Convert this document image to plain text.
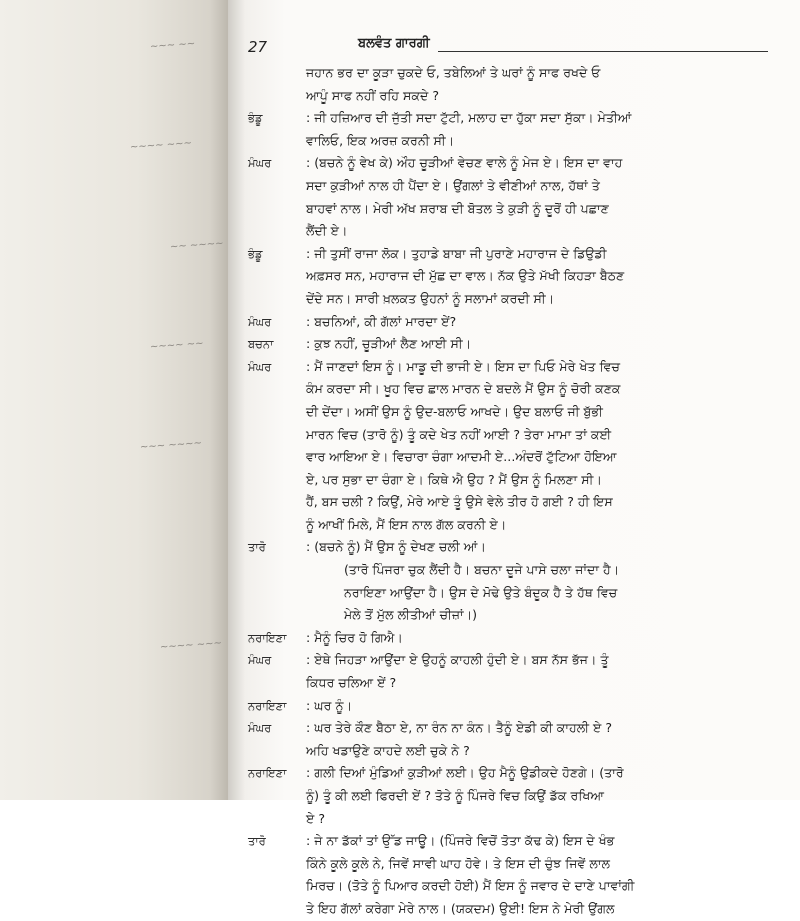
~~~ ~~
~~~~ ~~~
~~ ~~~~
~~~~ ~~
~~~ ~~~~
~~~~ ~~~
27	ਬਲਵੰਤ ਗਾਰਗੀ

ਜਹਾਨ ਭਰ ਦਾ ਕੂੜਾ ਚੁਕਦੇ ਓ, ਤਬੇਲਿਆਂ ਤੇ ਘਰਾਂ ਨੂੰ ਸਾਫ ਰਖਦੇ ਓ

ਆਪੂੰ ਸਾਫ ਨਹੀਂ ਰਹਿ ਸਕਦੇ ?

ਭੰਡੂ	: ਜੀ ਹਜ਼ਿਆਰ ਦੀ ਜੁੱਤੀ ਸਦਾ ਟੁੱਟੀ, ਮਲਾਹ ਦਾ ਹੁੱਕਾ ਸਦਾ ਸੁੱਕਾ। ਮੇਤੀਆਂ

ਵਾਲਿਓ, ਇਕ ਅਰਜ਼ ਕਰਨੀ ਸੀ।

ਮੰਘਰ	: (ਬਚਨੇ ਨੂੰ ਵੇਖ ਕੇ) ਔਹ ਚੂੜੀਆਂ ਵੇਚਣ ਵਾਲੇ ਨੂੰ ਮੇਜ ਏ। ਇਸ ਦਾ ਵਾਹ

ਸਦਾ ਕੁੜੀਆਂ ਨਾਲ ਹੀ ਪੈਂਦਾ ਏ। ਉਂਗਲਾਂ ਤੇ ਵੀਣੀਆਂ ਨਾਲ, ਹੱਥਾਂ ਤੇ

ਬਾਹਵਾਂ ਨਾਲ। ਮੇਰੀ ਅੱਖ ਸ਼ਰਾਬ ਦੀ ਬੋਤਲ ਤੇ ਕੁੜੀ ਨੂੰ ਦੂਰੋਂ ਹੀ ਪਛਾਣ

ਲੈਂਦੀ ਏ।

ਭੰਡੂ	: ਜੀ ਤੁਸੀਂ ਰਾਜਾ ਲੋਕ। ਤੁਹਾਡੇ ਬਾਬਾ ਜੀ ਪੁਰਾਣੇ ਮਹਾਰਾਜ ਦੇ ਡਿਉਡੀ

ਅਫ਼ਸਰ ਸਨ, ਮਹਾਰਾਜ ਦੀ ਮੁੱਛ ਦਾ ਵਾਲ। ਨੱਕ ਉਤੇ ਮੱਖੀ ਕਿਹੜਾ ਬੈਠਣ

ਦੇਂਦੇ ਸਨ। ਸਾਰੀ ਖ਼ਲਕਤ ਉਹਨਾਂ ਨੂੰ ਸਲਾਮਾਂ ਕਰਦੀ ਸੀ।

ਮੰਘਰ	: ਬਚਨਿਆਂ, ਕੀ ਗੱਲਾਂ ਮਾਰਦਾ ਏਂ?

ਬਚਨਾ	: ਕੁਝ ਨਹੀਂ, ਚੂੜੀਆਂ ਲੈਣ ਆਈ ਸੀ।

ਮੰਘਰ	: ਮੈਂ ਜਾਣਦਾਂ ਇਸ ਨੂੰ। ਮਾਡੂ ਦੀ ਭਾਜੀ ਏ। ਇਸ ਦਾ ਪਿਓ ਮੇਰੇ ਖੇਤ ਵਿਚ

ਕੰਮ ਕਰਦਾ ਸੀ। ਖੂਹ ਵਿਚ ਛਾਲ ਮਾਰਨ ਦੇ ਬਦਲੇ ਮੈਂ ਉਸ ਨੂੰ ਚੋਰੀ ਕਣਕ

ਦੀ ਦੇਂਦਾ। ਅਸੀਂ ਉਸ ਨੂੰ ਉਦ-ਬਲਾਓ ਆਖਦੇ। ਉਦ ਬਲਾਓ ਜੀ ਬੁੱਭੀ

ਮਾਰਨ ਵਿਚ (ਤਾਰੋ ਨੂੰ) ਤੂੰ ਕਦੇ ਖੇਤ ਨਹੀਂ ਆਈ ? ਤੇਰਾ ਮਾਮਾ ਤਾਂ ਕਈ

ਵਾਰ ਆਇਆ ਏ। ਵਿਚਾਰਾ ਚੰਗਾ ਆਦਮੀ ਏ...ਅੰਦਰੋਂ ਟੁੱਟਿਆ ਹੋਇਆ

ਏ, ਪਰ ਸੁਭਾ ਦਾ ਚੰਗਾ ਏ। ਕਿਥੇ ਐ ਉਹ ? ਮੈਂ ਉਸ ਨੂੰ ਮਿਲਣਾ ਸੀ।

ਹੈਂ, ਬਸ ਚਲੀ ? ਕਿਉਂ, ਮੇਰੇ ਆਏ ਤੂੰ ਉਸੇ ਵੇਲੇ ਤੀਰ ਹੋ ਗਈ ? ਹੀ ਇਸ

ਨੂੰ ਆਖੀਂ ਮਿਲੇ, ਮੈਂ ਇਸ ਨਾਲ ਗੱਲ ਕਰਨੀ ਏ।

ਤਾਰੋ	: (ਬਚਨੇ ਨੂੰ) ਮੈਂ ਉਸ ਨੂੰ ਦੇਖਣ ਚਲੀ ਆਂ।

(ਤਾਰੋ ਪਿੰਜਰਾ ਚੁਕ ਲੈਂਦੀ ਹੈ। ਬਚਨਾ ਦੂਜੇ ਪਾਸੇ ਚਲਾ ਜਾਂਦਾ ਹੈ।

ਨਰਾਇਣਾ ਆਉਂਦਾ ਹੈ। ਉਸ ਦੇ ਮੋਢੇ ਉਤੇ ਬੰਦੂਕ ਹੈ ਤੇ ਹੱਥ ਵਿਚ

ਮੇਲੇ ਤੋਂ ਮੁੱਲ ਲੀਤੀਆਂ ਚੀਜ਼ਾਂ।)

ਨਰਾਇਣਾ	: ਮੈਨੂੰ ਚਿਰ ਹੋ ਗਿਐ।

ਮੰਘਰ	: ਏਥੇ ਜਿਹੜਾ ਆਉਂਦਾ ਏ ਉਹਨੂੰ ਕਾਹਲੀ ਹੁੰਦੀ ਏ। ਬਸ ਨੱਸ ਭੱਜ। ਤੂੰ

ਕਿਧਰ ਚਲਿਆ ਏਂ ?

ਨਰਾਇਣਾ	: ਘਰ ਨੂੰ।

ਮੰਘਰ	: ਘਰ ਤੇਰੇ ਕੌਣ ਬੈਠਾ ਏ, ਨਾ ਰੰਨ ਨਾ ਕੰਨ। ਤੈਨੂੰ ਏਡੀ ਕੀ ਕਾਹਲੀ ਏ ?

ਅਹਿ ਖਡਾਉਣੇ ਕਾਹਦੇ ਲਈ ਚੁਕੇ ਨੇ ?

ਨਰਾਇਣਾ	: ਗਲੀ ਦਿਆਂ ਮੁੰਡਿਆਂ ਕੁੜੀਆਂ ਲਈ। ਉਹ ਮੈਨੂੰ ਉਡੀਕਦੇ ਹੋਣਗੇ। (ਤਾਰੋ

ਨੂੰ) ਤੂੰ ਕੀ ਲਈ ਫਿਰਦੀ ਏਂ ? ਤੋਤੇ ਨੂੰ ਪਿੰਜਰੇ ਵਿਚ ਕਿਉਂ ਡੱਕ ਰਖਿਆ

ਏ ?

ਤਾਰੋ	: ਜੇ ਨਾ ਡੱਕਾਂ ਤਾਂ ਉੱਡ ਜਾਊ। (ਪਿੰਜਰੇ ਵਿਚੋਂ ਤੋਤਾ ਕੱਢ ਕੇ) ਇਸ ਦੇ ਖੰਭ

ਕਿੰਨੇ ਕੂਲੇ ਕੂਲੇ ਨੇ, ਜਿਵੇਂ ਸਾਵੀ ਘਾਹ ਹੋਵੇ। ਤੇ ਇਸ ਦੀ ਚੁੰਝ ਜਿਵੇਂ ਲਾਲ

ਮਿਰਚ। (ਤੋਤੇ ਨੂੰ ਪਿਆਰ ਕਰਦੀ ਹੋਈ) ਮੈਂ ਇਸ ਨੂੰ ਜਵਾਰ ਦੇ ਦਾਣੇ ਪਾਵਾਂਗੀ

ਤੇ ਇਹ ਗੱਲਾਂ ਕਰੇਗਾ ਮੇਰੇ ਨਾਲ। (ਯਕਦਮ) ਉਈ! ਇਸ ਨੇ ਮੇਰੀ ਉਂਗਲ
